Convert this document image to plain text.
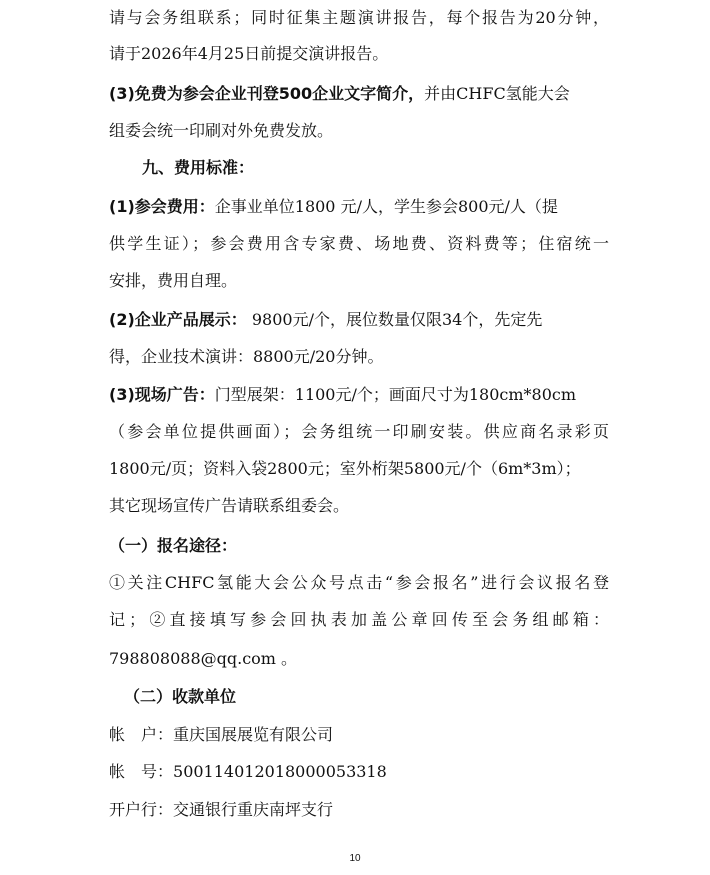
请与会务组联系；同时征集主题演讲报告，每个报告为20分钟，
请于2026年4月25日前提交演讲报告。
(3)免费为参会企业刊登500企业文字简介，并由CHFC氢能大会
组委会统一印刷对外免费发放。
九、费用标准：
(1)参会费用：企事业单位1800 元/人，学生参会800元/人（提
供学生证）；参会费用含专家费、场地费、资料费等；住宿统一
安排，费用自理。
(2)企业产品展示： 9800元/个，展位数量仅限34个，先定先
得，企业技术演讲：8800元/20分钟。
(3)现场广告：门型展架：1100元/个；画面尺寸为180cm*80cm
（参会单位提供画面）；会务组统一印刷安装。供应商名录彩页
1800元/页；资料入袋2800元；室外桁架5800元/个（6m*3m）；
其它现场宣传广告请联系组委会。
（一）报名途径：
①关注CHFC氢能大会公众号点击“参会报名”进行会议报名登
记；②直接填写参会回执表加盖公章回传至会务组邮箱：
798808088@qq.com 。
（二）收款单位
帐　户：重庆国展展览有限公司
帐　号：500114012018000053318
开户行：交通银行重庆南坪支行
10
